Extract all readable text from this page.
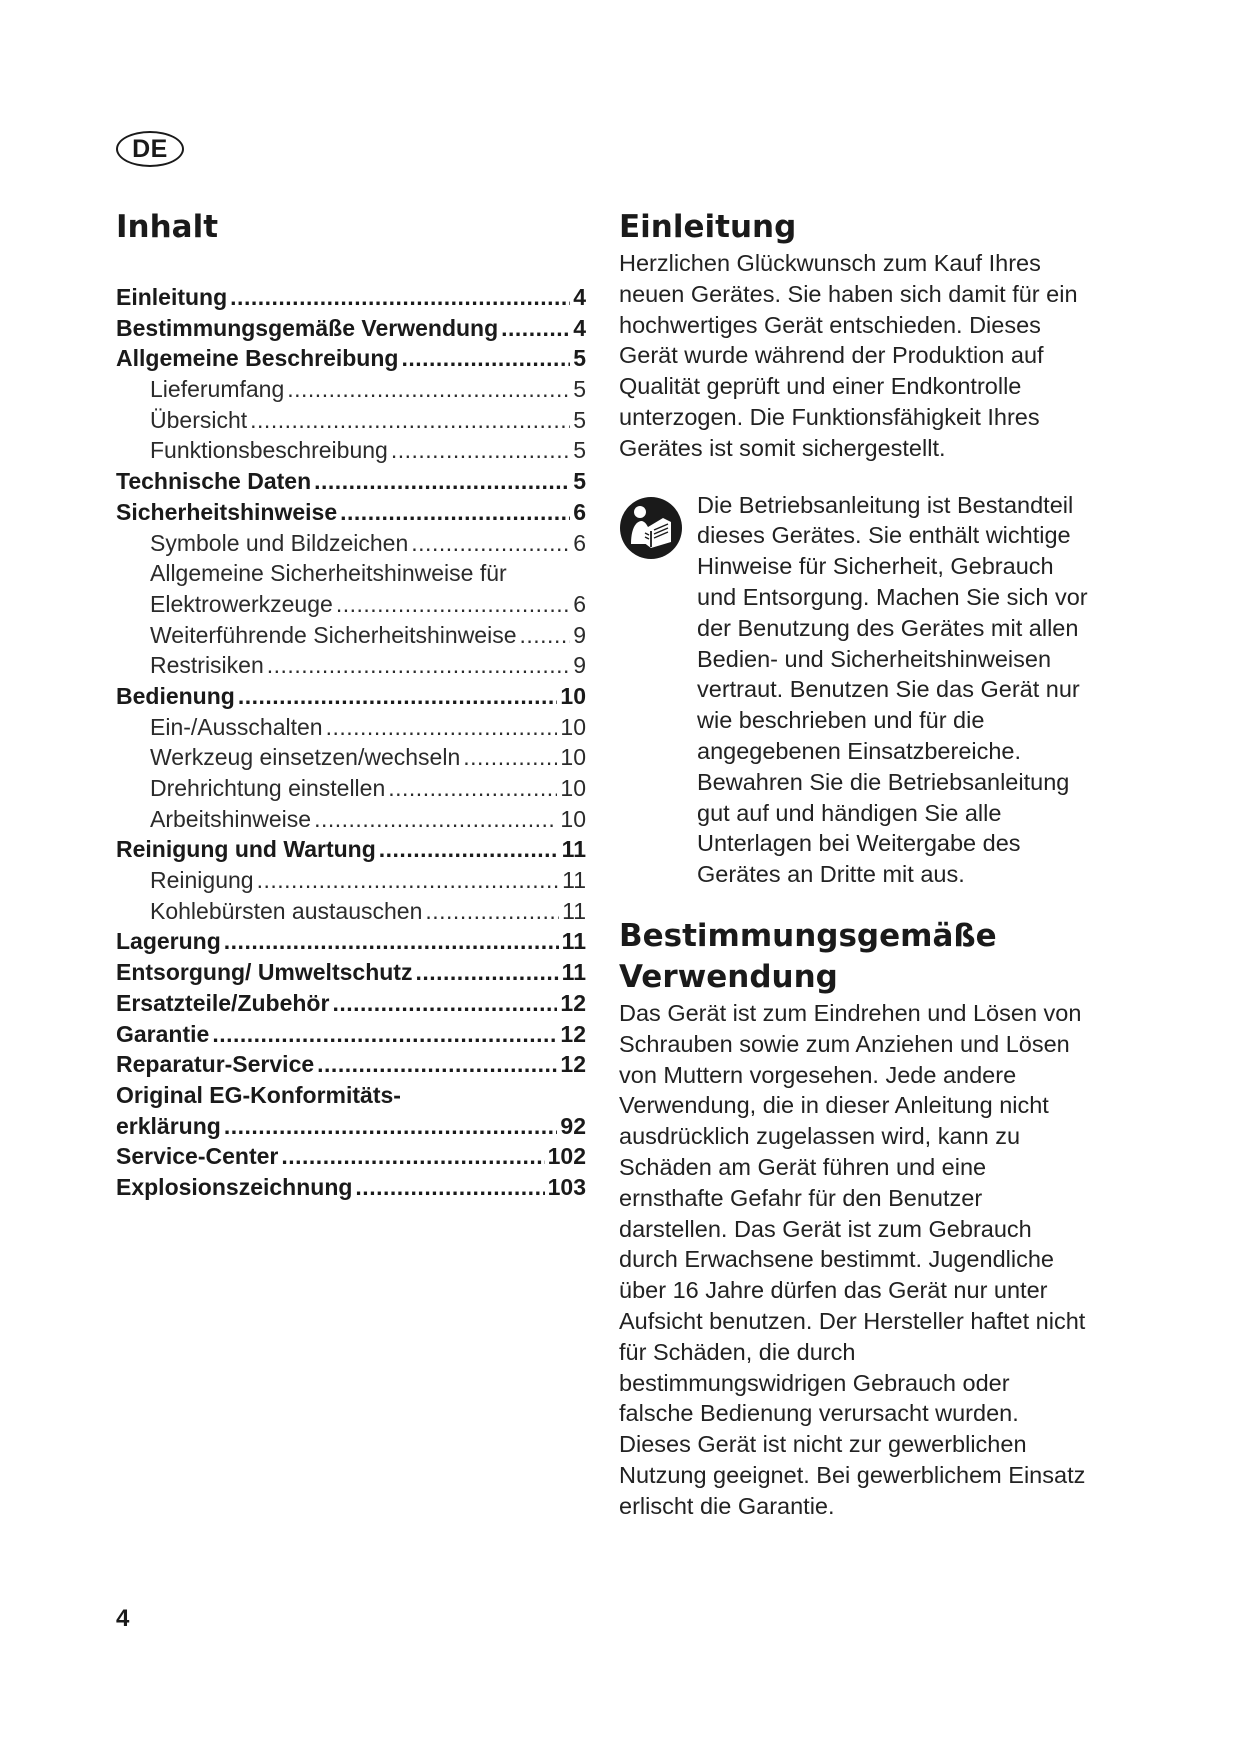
DE
Inhalt
Einleitung .....	4
Bestimmungsgemäße Verwendung .....	4
Allgemeine Beschreibung .....	5
Lieferumfang .....	5
Übersicht .....	5
Funktionsbeschreibung .....	5
Technische Daten .....	5
Sicherheitshinweise .....	6
Symbole und Bildzeichen .....	6
Allgemeine Sicherheitshinweise für
Elektrowerkzeuge .....	6
Weiterführende Sicherheitshinweise ..... 9
Restrisiken .....	9
Bedienung .....	10
Ein-/Ausschalten .....	10
Werkzeug einsetzen/wechseln .....	10
Drehrichtung einstellen .....	10
Arbeitshinweise .....	10
Reinigung und Wartung .....	11
Reinigung .....	11
Kohlebürsten austauschen .....	11
Lagerung .....	11
Entsorgung/ Umweltschutz .....	11
Ersatzteile/Zubehör .....	12
Garantie .....	12
Reparatur-Service .....	12
Original EG-Konformitäts-
erklärung .....	92
Service-Center .....	102
Explosionszeichnung .....	103
Einleitung

Herzlichen Glückwunsch zum Kauf Ihres neuen Gerätes. Sie haben sich damit für ein hochwertiges Gerät entschieden. Dieses Gerät wurde während der Produktion auf Qualität geprüft und einer Endkontrolle unterzogen. Die Funktionsfähigkeit Ihres Gerätes ist somit sichergestellt.

Die Betriebsanleitung ist Bestandteil dieses Gerätes. Sie enthält wichtige Hinweise für Sicherheit, Gebrauch und Entsorgung. Machen Sie sich vor der Benutzung des Gerätes mit allen Bedien- und Sicherheitshinweisen vertraut. Benutzen Sie das Gerät nur wie beschrieben und für die angegebenen Einsatzbereiche. Bewahren Sie die Betriebsanleitung gut auf und händigen Sie alle Unterlagen bei Weitergabe des Gerätes an Dritte mit aus.

Bestimmungsgemäße
Verwendung

Das Gerät ist zum Eindrehen und Lösen von Schrauben sowie zum Anziehen und Lösen von Muttern vorgesehen. Jede andere Verwendung, die in dieser Anleitung nicht ausdrücklich zugelassen wird, kann zu Schäden am Gerät führen und eine ernsthafte Gefahr für den Benutzer darstellen. Das Gerät ist zum Gebrauch durch Erwachsene bestimmt. Jugendliche über 16 Jahre dürfen das Gerät nur unter Aufsicht benutzen. Der Hersteller haftet nicht für Schäden, die durch bestimmungswidrigen Gebrauch oder falsche Bedienung verursacht wurden. Dieses Gerät ist nicht zur gewerblichen Nutzung geeignet. Bei gewerblichem Einsatz erlischt die Garantie.

4
